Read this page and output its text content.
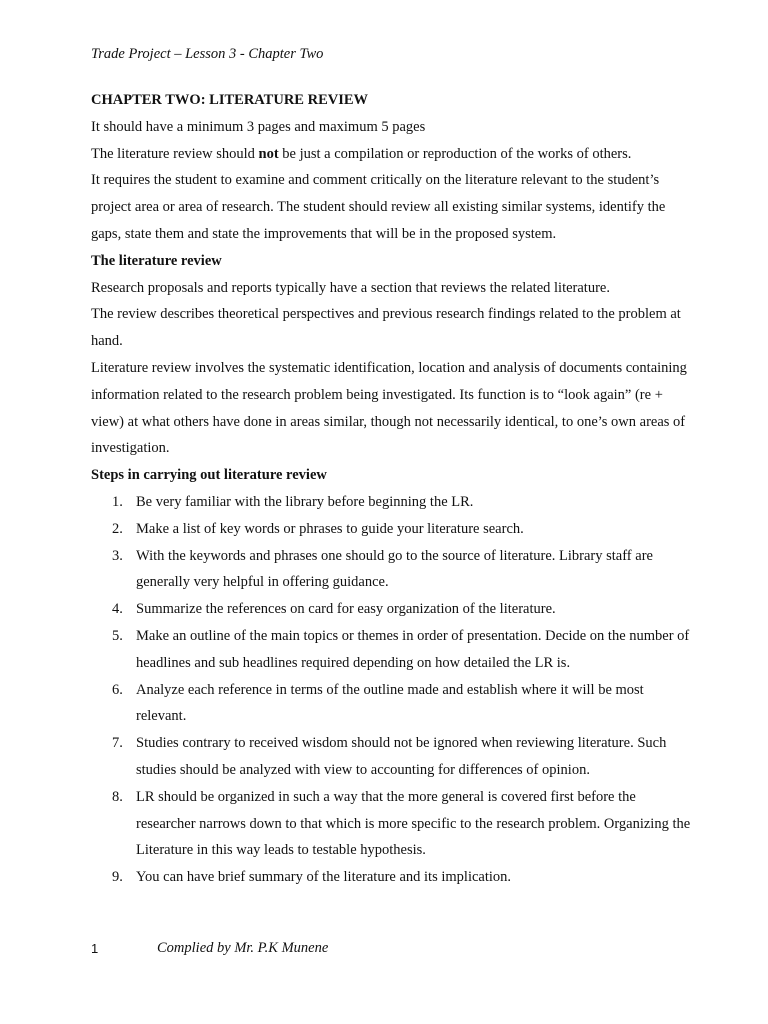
Trade Project – Lesson 3 - Chapter Two

CHAPTER TWO: LITERATURE REVIEW

It should have a minimum 3 pages and maximum 5 pages

The literature review should not be just a compilation or reproduction of the works of others.

It requires the student to examine and comment critically on the literature relevant to the student’s project area or area of research. The student should review all existing similar systems, identify the gaps, state them and state the improvements that will be in the proposed system.

The literature review

Research proposals and reports typically have a section that reviews the related literature.

The review describes theoretical perspectives and previous research findings related to the problem at hand.

Literature review involves the systematic identification, location and analysis of documents containing information related to the research problem being investigated. Its function is to “look again” (re + view) at what others have done in areas similar, though not necessarily identical, to one’s own areas of investigation.

Steps in carrying out literature review

1. Be very familiar with the library before beginning the LR.
2. Make a list of key words or phrases to guide your literature search.
3. With the keywords and phrases one should go to the source of literature. Library staff are generally very helpful in offering guidance.
4. Summarize the references on card for easy organization of the literature.
5. Make an outline of the main topics or themes in order of presentation. Decide on the number of headlines and sub headlines required depending on how detailed the LR is.
6. Analyze each reference in terms of the outline made and establish where it will be most relevant.
7. Studies contrary to received wisdom should not be ignored when reviewing literature. Such studies should be analyzed with view to accounting for differences of opinion.
8. LR should be organized in such a way that the more general is covered first before the researcher narrows down to that which is more specific to the research problem. Organizing the Literature in this way leads to testable hypothesis.
9. You can have brief summary of the literature and its implication.
1	Complied by Mr. P.K Munene
